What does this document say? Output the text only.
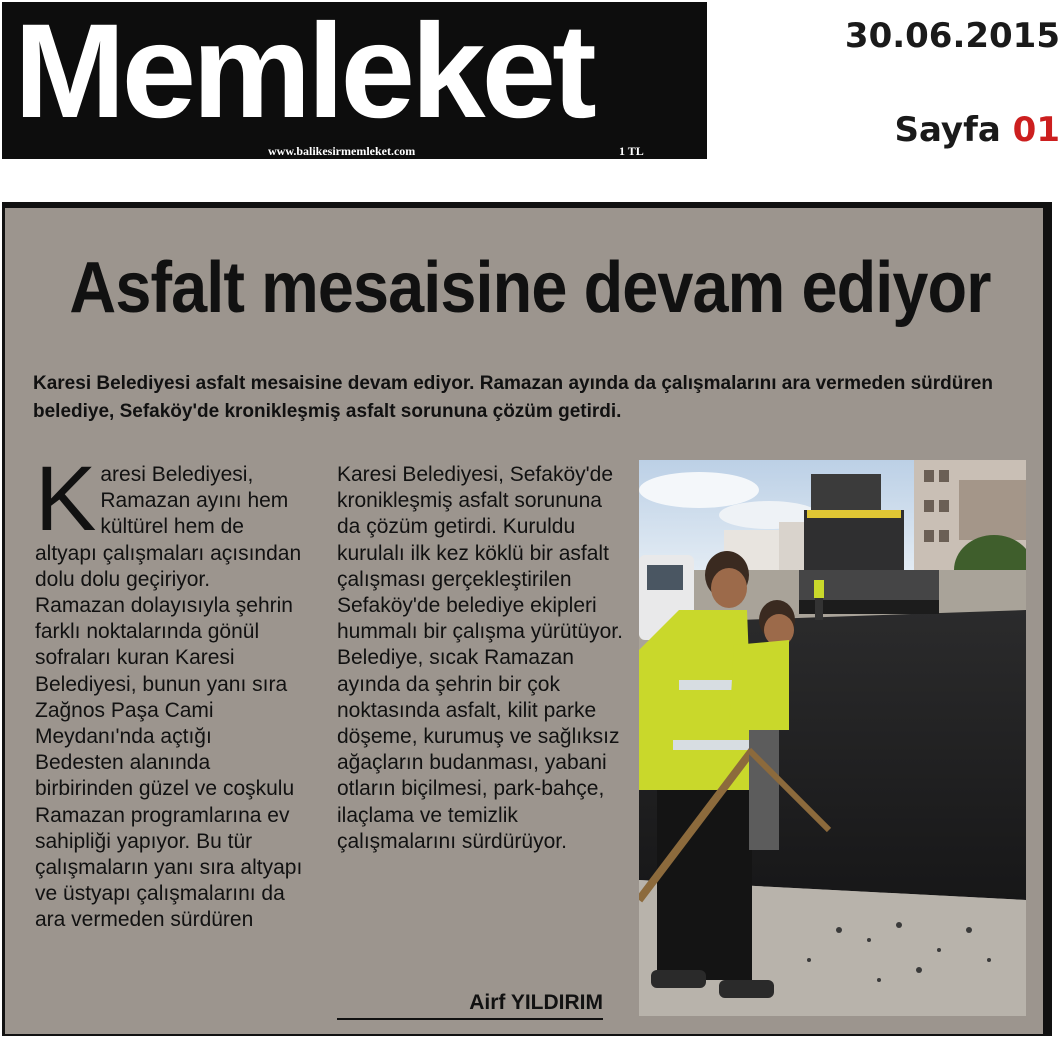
Memleket
www.balikesirmemleket.com	1 TL
30.06.2015
Sayfa 01
Asfalt mesaisine devam ediyor
Karesi Belediyesi asfalt mesaisine devam ediyor. Ramazan ayında da çalışmalarını ara vermeden sürdüren belediye, Sefaköy'de kronikleşmiş asfalt sorununa çözüm getirdi.
Karesi Belediyesi, Ramazan ayını hem kültürel hem de altyapı çalışmaları açısından dolu dolu geçiriyor. Ramazan dolayısıyla şehrin farklı noktalarında gönül sofraları kuran Karesi Belediyesi, bunun yanı sıra Zağnos Paşa Cami Meydanı'nda açtığı Bedesten alanında birbirinden güzel ve coşkulu Ramazan programlarına ev sahipliği yapıyor. Bu tür çalışmaların yanı sıra altyapı ve üstyapı çalışmalarını da ara vermeden sürdüren
Karesi Belediyesi, Sefaköy'de kronikleşmiş asfalt sorununa da çözüm getirdi. Kuruldu kurulalı ilk kez köklü bir asfalt çalışması gerçekleştirilen Sefaköy'de belediye ekipleri hummalı bir çalışma yürütüyor. Belediye, sıcak Ramazan ayında da şehrin bir çok noktasında asfalt, kilit parke döşeme, kurumuş ve sağlıksız ağaçların budanması, yabani otların biçilmesi, park-bahçe, ilaçlama ve temizlik çalışmalarını sürdürüyor.
Airf YILDIRIM
